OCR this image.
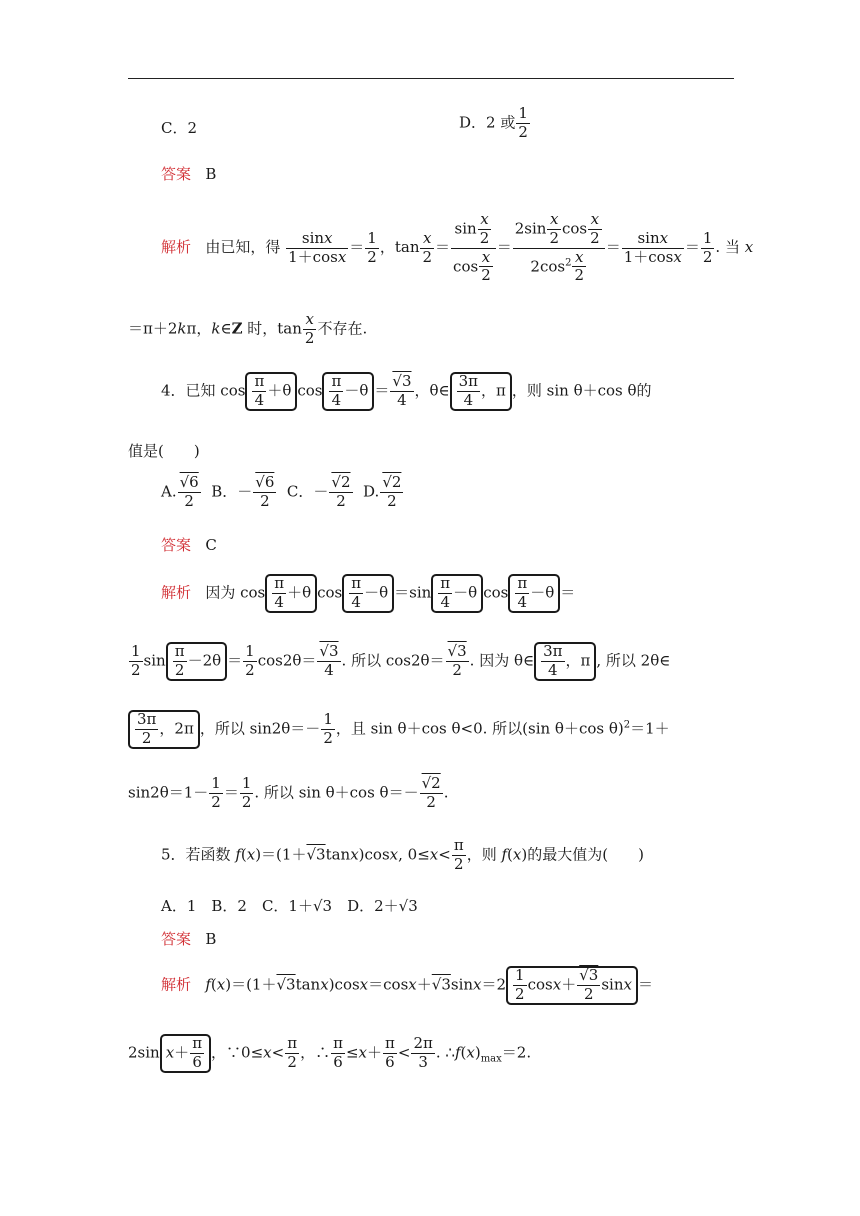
C．2	D．2 或 $\frac{1}{2}$
答案 B
解析 由已知，得 $\frac{\sin x}{1+\cos x} = \frac{1}{2}$ ，$\tan \frac{x}{2} = \frac{\sin \frac{x}{2}}{\cos \frac{x}{2}} = \frac{2\sin \frac{x}{2} \cos \frac{x}{2}}{2\cos^2 \frac{x}{2}} = \frac{\sin x}{1+\cos x} = \frac{1}{2}$ . 当 x
＝π＋2kπ，k∈Z 时，$\tan \frac{x}{2}$ 不存在.
4．已知 $\cos \frac{\pi}{4} +\theta$ $\cos \frac{\pi}{4} -\theta = \frac{√3}{4}$ ，θ∈ $\frac{3\pi}{4}$ ，π ，则 sin θ＋cos θ的
值是(　　)
A. $\frac{√6}{2}$ B．－ $\frac{√6}{2}$ C．－ $\frac{√2}{2} D$. $\frac{√2}{2}$
答案 C
解析   因为 $\cos \frac{\pi}{4} +\theta$ $\cos \frac{\pi}{4} -\theta =\sin \frac{\pi}{4} -\theta$ $\cos \frac{\pi}{4} -\theta$ ＝
$\frac{1}{2}$ $\sin \frac{\pi}{2} -2\theta = \frac{1}{2} \cos 2\theta= \frac{√3}{4}$ . 所以 $\cos 2\theta= \frac{√3}{2}$ . 因为 θ∈ $\frac{3\pi}{4}$ ，π , 所以 2θ∈
$\frac{3\pi}{2}$ ，2π ，所以 $\sin 2\theta=- \frac{1}{2}$ ，且 sin θ＋cos θ<0. 所以(sin θ＋cos θ)$^2$＝1＋
$\sin 2\theta=1- \frac{1}{2} = \frac{1}{2}$ . 所以 sin θ＋cos $\theta=- \frac{√2}{2}$ .
5．若函数 f(x)＝(1＋√3tanx)cosx, $0\le x< \frac{\pi}{2}$ ，则 f(x)的最大值为(　　)
A．1　B．2　C．1＋√3　D．2＋√3
答案 B
解析 $f(x)=(1+√3\tan x)\cos x=\cos x+√3\sin x=2 \frac{1}{2} \cos x+ \frac{√3}{2}$ sinx ＝
2sin $x+ \frac{\pi}{6}$ ，∵0≤x< $\frac{\pi}{2}$ ，∴ $\frac{\pi}{6} \le x+ \frac{\pi}{6} < \frac{2\pi}{3}$ . $\therefore f(x)_{max}=2$.
